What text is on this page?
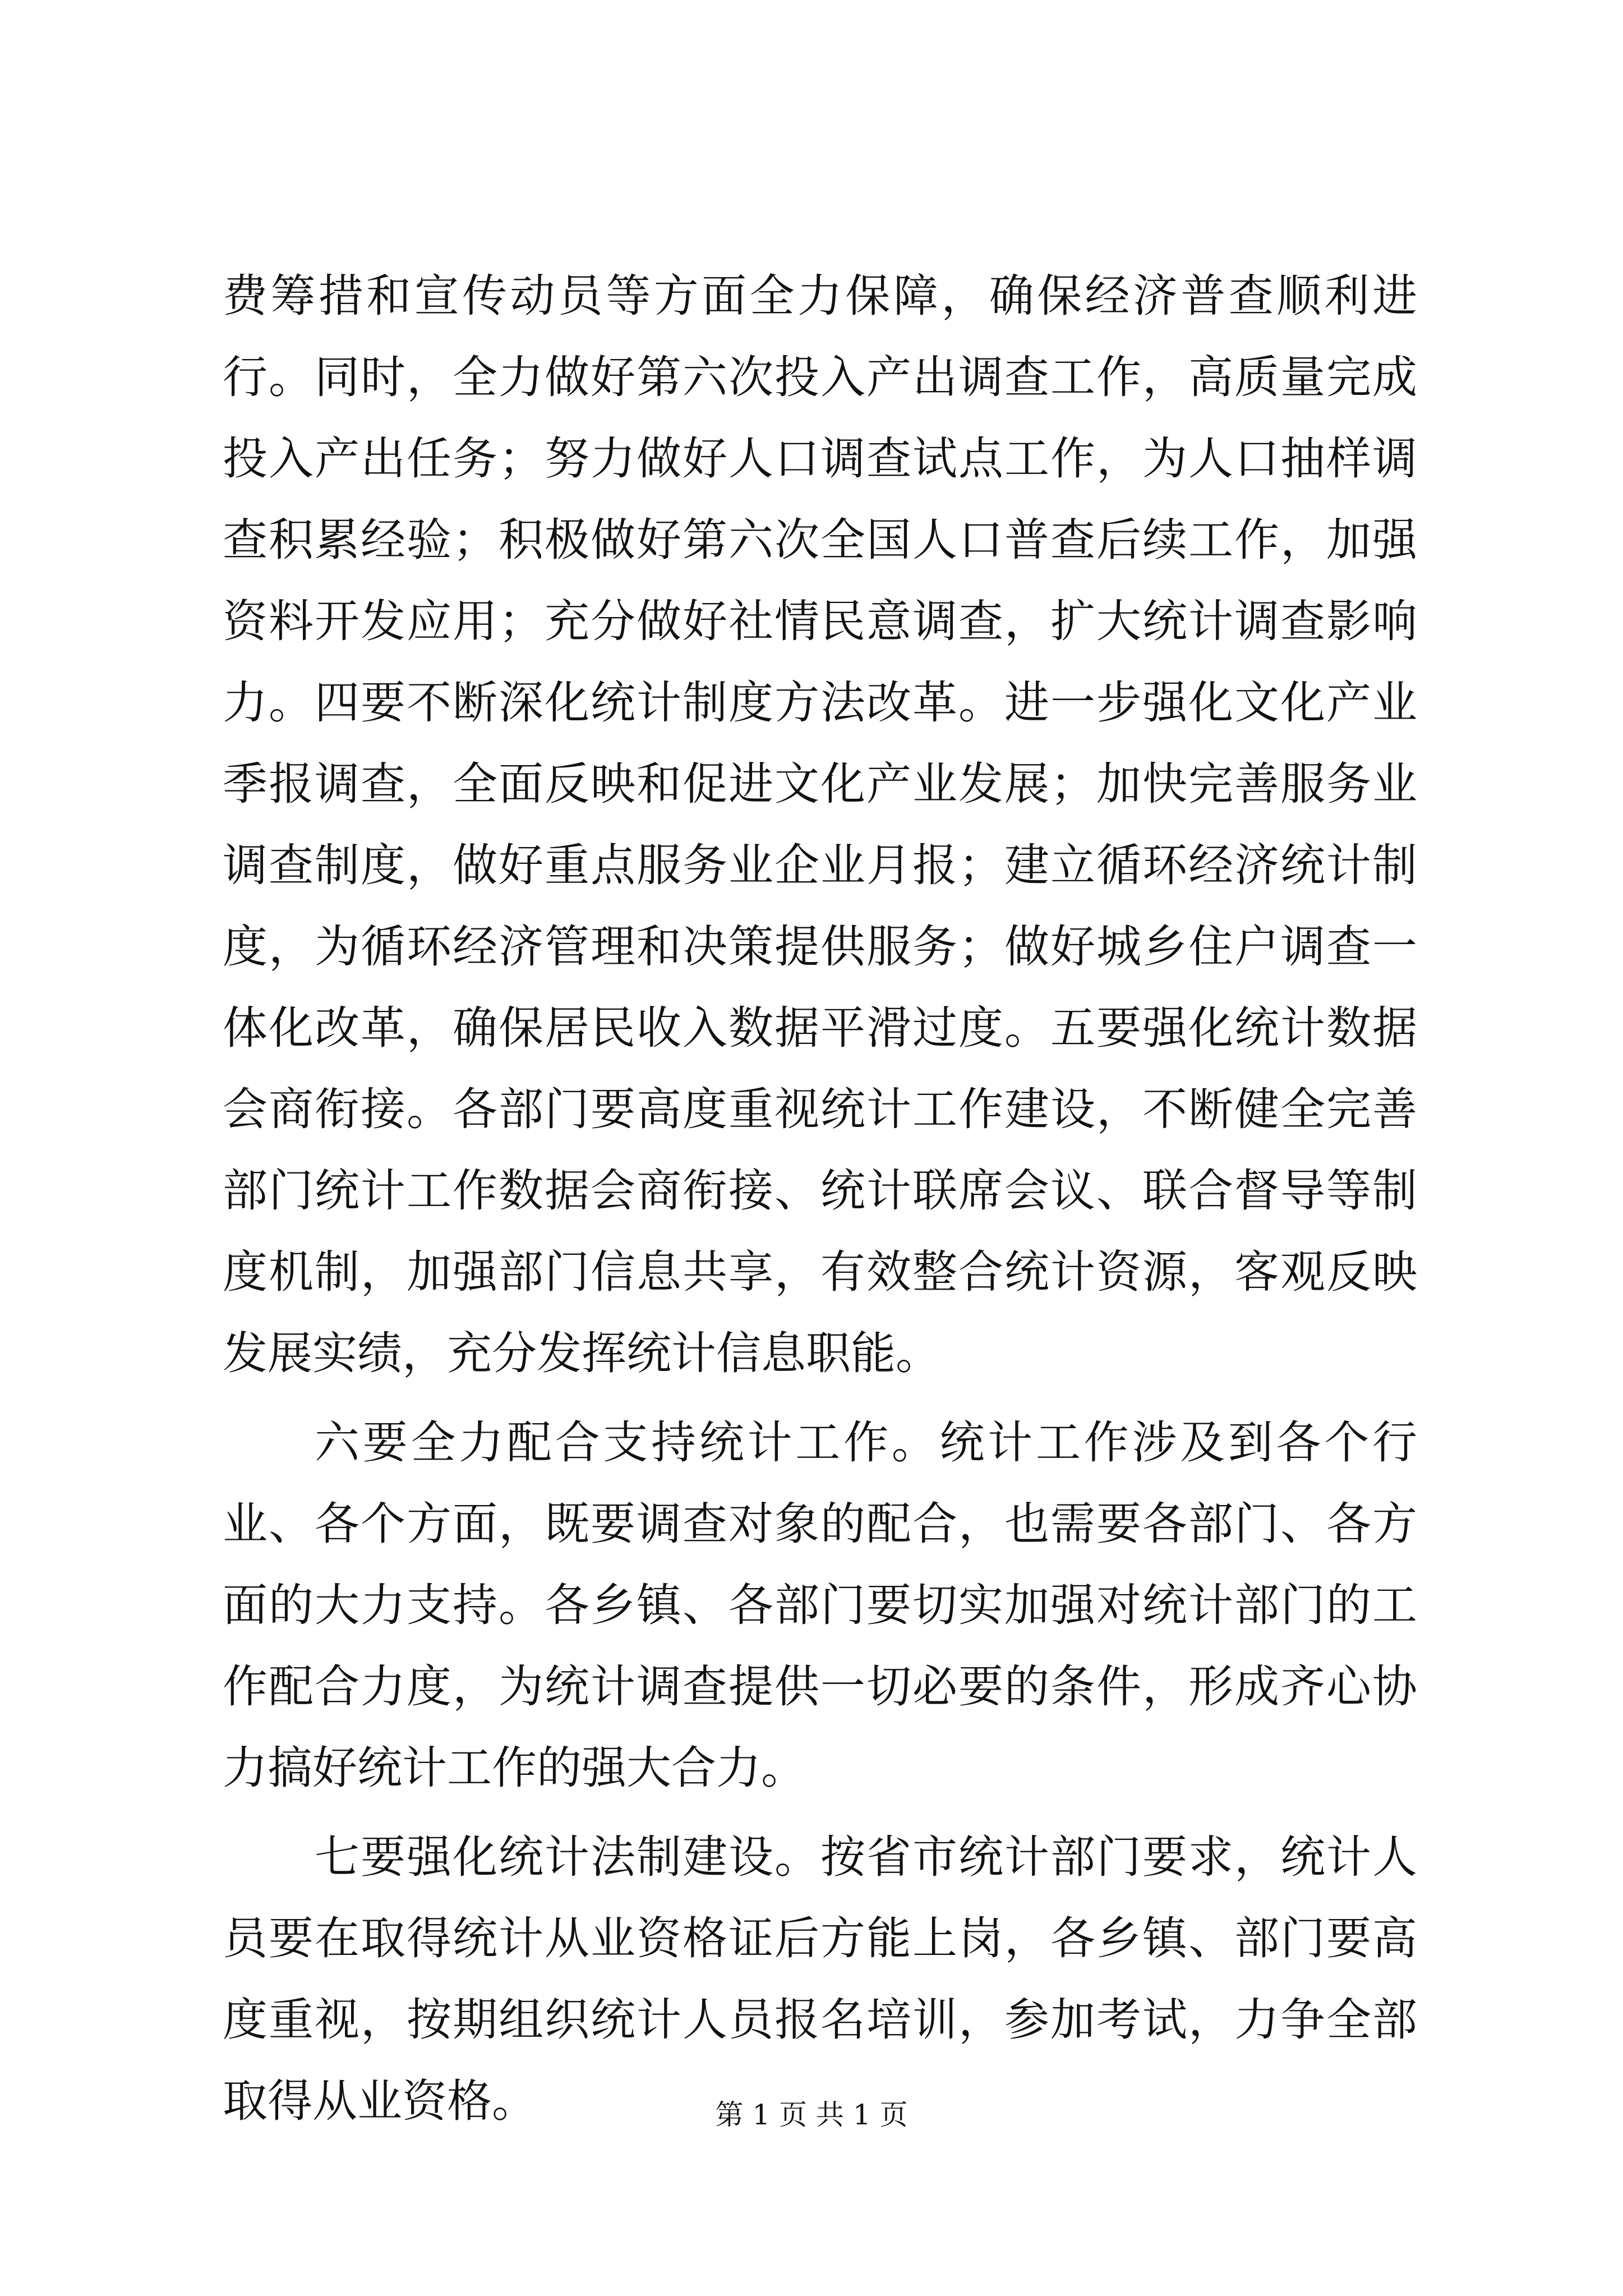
费筹措和宣传动员等方面全力保障，确保经济普查顺利进行。同时，全力做好第六次投入产出调查工作，高质量完成投入产出任务；努力做好人口调查试点工作，为人口抽样调查积累经验；积极做好第六次全国人口普查后续工作，加强资料开发应用；充分做好社情民意调查，扩大统计调查影响力。四要不断深化统计制度方法改革。进一步强化文化产业季报调查，全面反映和促进文化产业发展；加快完善服务业调查制度，做好重点服务业企业月报；建立循环经济统计制度，为循环经济管理和决策提供服务；做好城乡住户调查一体化改革，确保居民收入数据平滑过度。五要强化统计数据会商衔接。各部门要高度重视统计工作建设，不断健全完善部门统计工作数据会商衔接、统计联席会议、联合督导等制度机制，加强部门信息共享，有效整合统计资源，客观反映发展实绩，充分发挥统计信息职能。

六要全力配合支持统计工作。统计工作涉及到各个行业、各个方面，既要调查对象的配合，也需要各部门、各方面的大力支持。各乡镇、各部门要切实加强对统计部门的工作配合力度，为统计调查提供一切必要的条件，形成齐心协力搞好统计工作的强大合力。

七要强化统计法制建设。按省市统计部门要求，统计人员要在取得统计从业资格证后方能上岗，各乡镇、部门要高度重视，按期组织统计人员报名培训，参加考试，力争全部取得从业资格。	第 1 页 共 1 页
